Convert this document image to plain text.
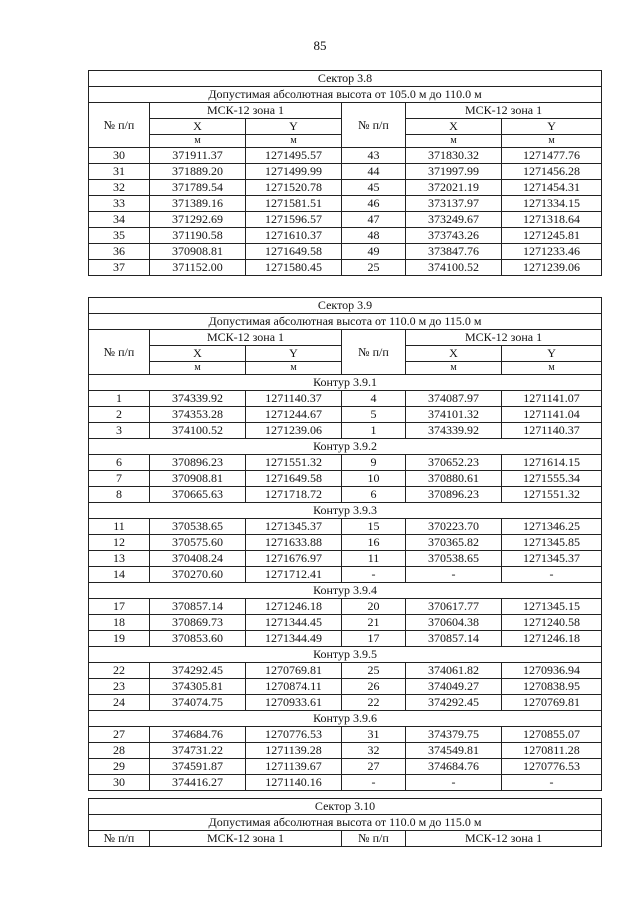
85
Сектор 3.8					
Допустимая абсолютная высота от 105.0 м до 110.0 м					
№ п/п	МСК-12 зона 1		№ п/п	МСК-12 зона 1	
	X	Y		X	Y
	м	м		м	м
30	371911.37	1271495.57	43	371830.32	1271477.76
31	371889.20	1271499.99	44	371997.99	1271456.28
32	371789.54	1271520.78	45	372021.19	1271454.31
33	371389.16	1271581.51	46	373137.97	1271334.15
34	371292.69	1271596.57	47	373249.67	1271318.64
35	371190.58	1271610.37	48	373743.26	1271245.81
36	370908.81	1271649.58	49	373847.76	1271233.46
37	371152.00	1271580.45	25	374100.52	1271239.06
Сектор 3.9					
Допустимая абсолютная высота от 110.0 м до 115.0 м					
№ п/п	МСК-12 зона 1		№ п/п	МСК-12 зона 1	
	X	Y		X	Y
	м	м		м	м
Контур 3.9.1					
1	374339.92	1271140.37	4	374087.97	1271141.07
2	374353.28	1271244.67	5	374101.32	1271141.04
3	374100.52	1271239.06	1	374339.92	1271140.37
Контур 3.9.2					
6	370896.23	1271551.32	9	370652.23	1271614.15
7	370908.81	1271649.58	10	370880.61	1271555.34
8	370665.63	1271718.72	6	370896.23	1271551.32
Контур 3.9.3					
11	370538.65	1271345.37	15	370223.70	1271346.25
12	370575.60	1271633.88	16	370365.82	1271345.85
13	370408.24	1271676.97	11	370538.65	1271345.37
14	370270.60	1271712.41	-	-	-
Контур 3.9.4					
17	370857.14	1271246.18	20	370617.77	1271345.15
18	370869.73	1271344.45	21	370604.38	1271240.58
19	370853.60	1271344.49	17	370857.14	1271246.18
Контур 3.9.5					
22	374292.45	1270769.81	25	374061.82	1270936.94
23	374305.81	1270874.11	26	374049.27	1270838.95
24	374074.75	1270933.61	22	374292.45	1270769.81
Контур 3.9.6					
27	374684.76	1270776.53	31	374379.75	1270855.07
28	374731.22	1271139.28	32	374549.81	1270811.28
29	374591.87	1271139.67	27	374684.76	1270776.53
30	374416.27	1271140.16	-	-	-
Сектор 3.10
Допустимая абсолютная высота от 110.0 м до 115.0 м
№ п/п	МСК-12 зона 1	№ п/п	МСК-12 зона 1
